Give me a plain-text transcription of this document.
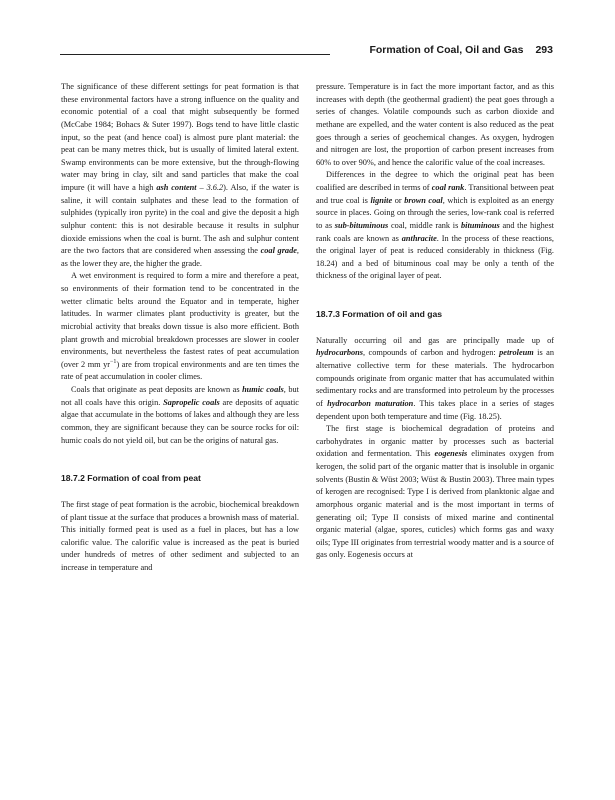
Formation of Coal, Oil and Gas 293

The significance of these different settings for peat formation is that these environmental factors have a strong influence on the quality and economic potential of a coal that might subsequently be formed (McCabe 1984; Bohacs & Suter 1997). Bogs tend to have little clastic input, so the peat (and hence coal) is almost pure plant material: the peat can be many metres thick, but is usually of limited lateral extent. Swamp environments can be more extensive, but the through-flowing water may bring in clay, silt and sand particles that make the coal impure (it will have a high ash content – 3.6.2). Also, if the water is saline, it will contain sulphates and these lead to the formation of sulphides (typically iron pyrite) in the coal and give the deposit a high sulphur content: this is not desirable because it results in sulphur dioxide emissions when the coal is burnt. The ash and sulphur content are the two factors that are considered when assessing the coal grade, as the lower they are, the higher the grade.

A wet environment is required to form a mire and therefore a peat, so environments of their formation tend to be concentrated in the wetter climatic belts around the Equator and in temperate, higher latitudes. In warmer climates plant productivity is greater, but the microbial activity that breaks down tissue is also more efficient. Both plant growth and microbial breakdown processes are slower in cooler environments, but nevertheless the fastest rates of peat accumulation (over 2 mm $yr^{-1}$) are from tropical environments and are ten times the rate of peat accumulation in cooler climes.

Coals that originate as peat deposits are known as humic coals, but not all coals have this origin. Sapropelic coals are deposits of aquatic algae that accumulate in the bottoms of lakes and although they are less common, they are significant because they can be source rocks for oil: humic coals do not yield oil, but can be the origins of natural gas.

18.7.2 Formation of coal from peat

The first stage of peat formation is the acrobic, biochemical breakdown of plant tissue at the surface that produces a brownish mass of material. This initially formed peat is used as a fuel in places, but has a low calorific value. The calorific value is increased as the peat is buried under hundreds of metres of other sediment and subjected to an increase in temperature and

pressure. Temperature is in fact the more important factor, and as this increases with depth (the geothermal gradient) the peat goes through a series of changes. Volatile compounds such as carbon dioxide and methane are expelled, and the water content is also reduced as the peat goes through a series of geochemical changes. As oxygen, hydrogen and nitrogen are lost, the proportion of carbon present increases from 60% to over 90%, and hence the calorific value of the coal increases.

Differences in the degree to which the original peat has been coalified are described in terms of coal rank. Transitional between peat and true coal is lignite or brown coal, which is exploited as an energy source in places. Going on through the series, low-rank coal is referred to as sub-bituminous coal, middle rank is bituminous and the highest rank coals are known as anthracite. In the process of these reactions, the original layer of peat is reduced considerably in thickness (Fig. 18.24) and a bed of bituminous coal may be only a tenth of the thickness of the original layer of peat.

18.7.3 Formation of oil and gas

Naturally occurring oil and gas are principally made up of hydrocarbons, compounds of carbon and hydrogen: petroleum is an alternative collective term for these materials. The hydrocarbon compounds originate from organic matter that has accumulated within sedimentary rocks and are transformed into petroleum by the processes of hydrocarbon maturation. This takes place in a series of stages dependent upon both temperature and time (Fig. 18.25).

The first stage is biochemical degradation of proteins and carbohydrates in organic matter by processes such as bacterial oxidation and fermentation. This eogenesis eliminates oxygen from kerogen, the solid part of the organic matter that is insoluble in organic solvents (Bustin & Wüst 2003; Wüst & Bustin 2003). Three main types of kerogen are recognised: Type I is derived from planktonic algae and amorphous organic material and is the most important in terms of generating oil; Type II consists of mixed marine and continental organic material (algae, spores, cuticles) which forms gas and waxy oils; Type III originates from terrestrial woody matter and is a source of gas only. Eogenesis occurs at
